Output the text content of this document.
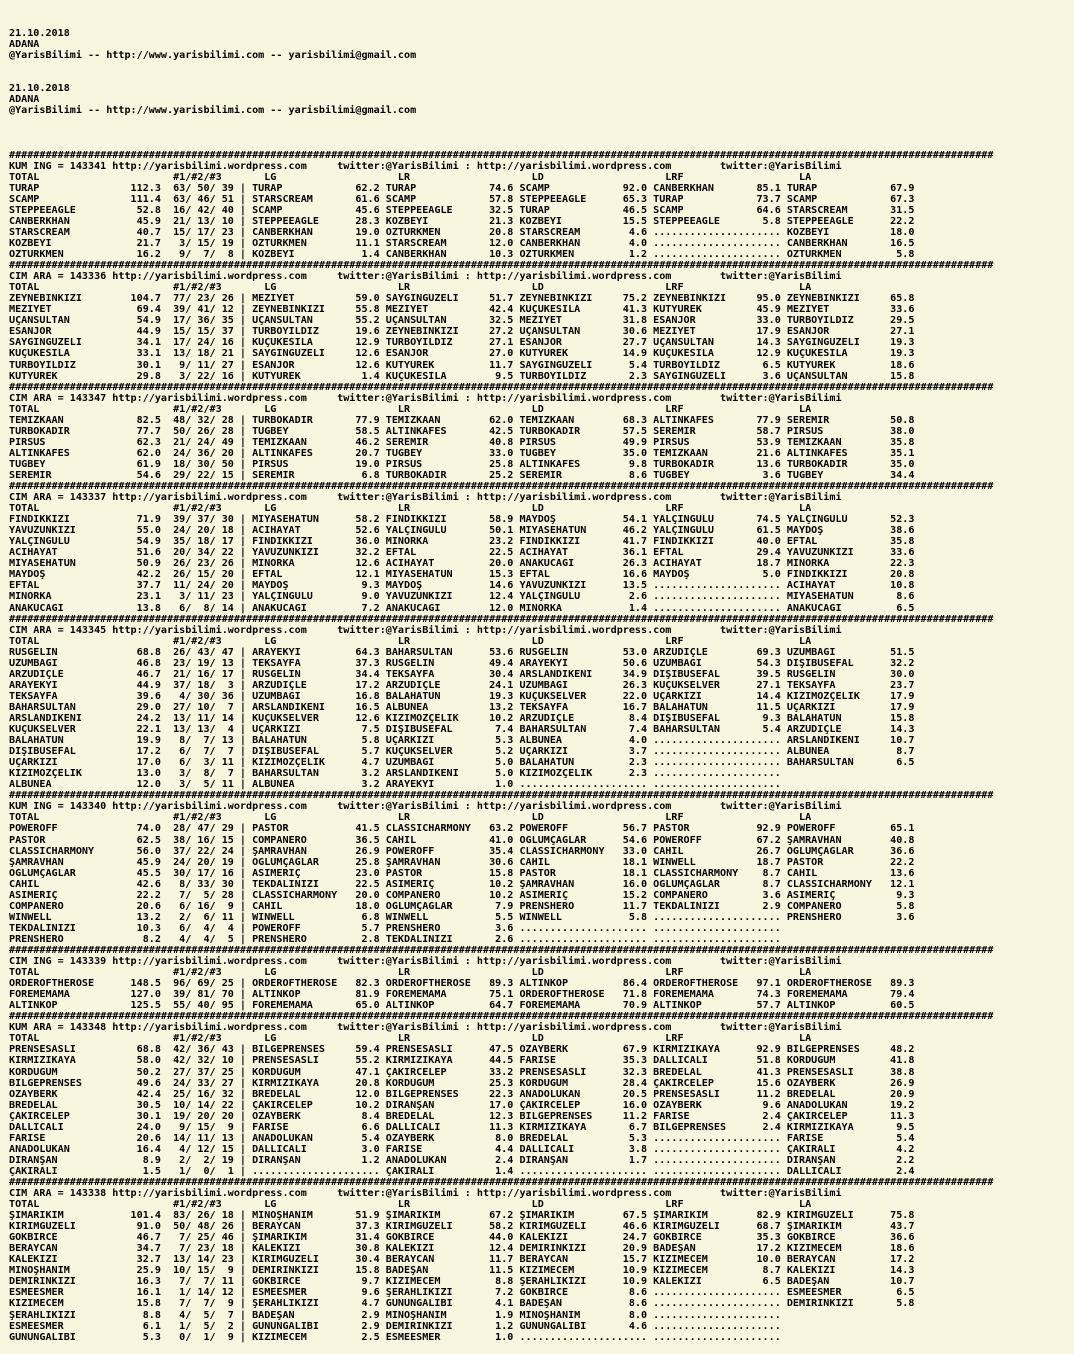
21.10.2018
ADANA
@YarisBilimi -- http://www.yarisbilimi.com -- yarisbilimi@gmail.com
21.10.2018
ADANA
@YarisBilimi -- http://www.yarisbilimi.com -- yarisbilimi@gmail.com

##################################################################################################################################################################
KUM ING = 143341 http://yarisbilimi.wordpress.com     twitter:@YarisBilimi : http://yarisbilimi.wordpress.com        twitter:@YarisBilimi
TOTAL                      #1/#2/#3       LG                    LR                    LD                    LRF                   LA
TURAP               112.3  63/ 50/ 39 | TURAP            62.2 TURAP            74.6 SCAMP            92.0 CANBERKHAN       85.1 TURAP            67.9
SCAMP               111.4  63/ 46/ 51 | STARSCREAM       61.6 SCAMP            57.8 STEPPEEAGLE      65.3 TURAP            73.7 SCAMP            67.3
STEPPEEAGLE          52.8  16/ 42/ 40 | SCAMP            45.6 STEPPEEAGLE      32.5 TURAP            46.5 SCAMP            64.6 STARSCREAM       31.5
CANBERKHAN           45.9  21/ 13/ 10 | STEPPEEAGLE      28.3 KOZBEYİ          21.3 KOZBEYİ          15.5 STEPPEEAGLE       5.8 STEPPEEAGLE      22.2
STARSCREAM           40.7  15/ 17/ 23 | CANBERKHAN       19.0 ÖZTÜRKMEN        20.8 STARSCREAM        4.6 ..................... KOZBEYİ          18.0
KOZBEYİ              21.7   3/ 15/ 19 | ÖZTÜRKMEN        11.1 STARSCREAM       12.0 CANBERKHAN        4.0 ..................... CANBERKHAN       16.5
ÖZTÜRKMEN            16.2   9/  7/  8 | KOZBEYİ           1.4 CANBERKHAN       10.3 ÖZTÜRKMEN         1.2 ..................... ÖZTÜRKMEN         5.8
##################################################################################################################################################################
CIM ARA = 143336 http://yarisbilimi.wordpress.com     twitter:@YarisBilimi : http://yarisbilimi.wordpress.com        twitter:@YarisBilimi
TOTAL                      #1/#2/#3       LG                    LR                    LD                    LRF                   LA
ZEYNEBİNKIZI        104.7  77/ 23/ 26 | MEZİYET          59.0 SAYGINGÜZELİ     51.7 ZEYNEBİNKIZI     75.2 ZEYNEBİNKIZI     95.0 ZEYNEBİNKIZI     65.8
MEZİYET              69.4  39/ 41/ 12 | ZEYNEBİNKIZI     55.8 MEZİYET          42.4 KÜÇÜKESİLA       41.3 KUTYÜREK         45.9 MEZİYET          33.6
UÇANSULTAN           54.9  17/ 36/ 35 | UÇANSULTAN       55.2 UÇANSULTAN       32.5 MEZİYET          31.8 ESANJOR          33.0 TURBOYILDIZ      29.5
ESANJOR              44.9  15/ 15/ 37 | TURBOYILDIZ      19.6 ZEYNEBİNKIZI     27.2 UÇANSULTAN       30.6 MEZİYET          17.9 ESANJOR          27.1
SAYGINGÜZELİ         34.1  17/ 24/ 16 | KÜÇÜKESİLA       12.9 TURBOYILDIZ      27.1 ESANJOR          27.7 UÇANSULTAN       14.3 SAYGINGÜZELİ     19.3
KÜÇÜKESİLA           33.1  13/ 18/ 21 | SAYGINGÜZELİ     12.6 ESANJOR          27.0 KUTYÜREK         14.9 KÜÇÜKESİLA       12.9 KÜÇÜKESİLA       19.3
TURBOYILDIZ          30.1   9/ 11/ 27 | ESANJOR          12.6 KUTYÜREK         11.7 SAYGINGÜZELİ      5.4 TURBOYILDIZ       6.5 KUTYÜREK         18.6
KUTYÜREK             29.8   3/ 22/ 16 | KUTYÜREK          1.4 KÜÇÜKESİLA        9.5 TURBOYILDIZ       2.3 SAYGINGÜZELİ      3.6 UÇANSULTAN       15.8
##################################################################################################################################################################
CIM ARA = 143347 http://yarisbilimi.wordpress.com     twitter:@YarisBilimi : http://yarisbilimi.wordpress.com        twitter:@YarisBilimi
TOTAL                      #1/#2/#3       LG                    LR                    LD                    LRF                   LA
TEMİZKAAN            82.5  48/ 32/ 28 | TURBOKADİR       77.9 TEMİZKAAN        62.0 TEMİZKAAN        68.3 ALTINKAFES       77.9 SEREMİR          50.8
TURBOKADİR           77.7  50/ 26/ 28 | TUĞBEY           58.5 ALTINKAFES       42.5 TURBOKADİR       57.5 SEREMİR          58.7 PİRSUS           38.0
PİRSUS               62.3  21/ 24/ 49 | TEMİZKAAN        46.2 SEREMİR          40.8 PİRSUS           49.9 PİRSUS           53.9 TEMİZKAAN        35.8
ALTINKAFES           62.0  24/ 36/ 20 | ALTINKAFES       20.7 TUĞBEY           33.0 TUĞBEY           35.0 TEMİZKAAN        21.6 ALTINKAFES       35.1
TUĞBEY               61.9  18/ 30/ 50 | PİRSUS           19.0 PİRSUS           25.8 ALTINKAFES        9.8 TURBOKADİR       13.6 TURBOKADİR       35.0
SEREMİR              54.6  29/ 22/ 15 | SEREMİR           6.8 TURBOKADİR       25.2 SEREMİR           8.6 TUĞBEY            3.6 TUĞBEY           34.4
##################################################################################################################################################################
CIM ARA = 143337 http://yarisbilimi.wordpress.com     twitter:@YarisBilimi : http://yarisbilimi.wordpress.com        twitter:@YarisBilimi
TOTAL                      #1/#2/#3       LG                    LR                    LD                    LRF                   LA
FINDIKKIZI           71.9  39/ 37/ 30 | MİYASEHATUN      58.2 FINDIKKIZI       58.9 MAYDOŞ           54.1 YALÇINGÜLÜ       74.5 YALÇINGÜLÜ       52.3
YAVUZÜNKIZI          55.0  24/ 20/ 18 | ACIHAYAT         52.6 YALÇINGÜLÜ       50.1 MİYASEHATUN      46.2 YALÇINGÜLÜ       61.5 MAYDOŞ           38.6
YALÇINGÜLÜ           54.9  35/ 18/ 17 | FINDIKKIZI       36.0 MİNORKA          23.2 FINDIKKIZI       41.7 FINDIKKIZI       40.0 EFTAL            35.8
ACIHAYAT             51.6  20/ 34/ 22 | YAVUZÜNKIZI      32.2 EFTAL            22.5 ACIHAYAT         36.1 EFTAL            29.4 YAVUZÜNKIZI      33.6
MİYASEHATUN          50.9  26/ 23/ 26 | MİNORKA          12.6 ACIHAYAT         20.0 ANAKUCAĞI        26.3 ACIHAYAT         18.7 MİNORKA          22.3
MAYDOŞ               42.2  26/ 15/ 20 | EFTAL            12.1 MİYASEHATUN      15.3 EFTAL            16.6 MAYDOŞ            5.0 FINDIKKIZI       20.8
EFTAL                37.7  11/ 24/ 20 | MAYDOŞ            9.3 MAYDOŞ           14.6 YAVUZÜNKIZI      13.5 ..................... ACIHAYAT         10.8
MİNORKA              23.1   3/ 11/ 23 | YALÇINGÜLÜ        9.0 YAVUZÜNKIZI      12.4 YALÇINGÜLÜ        2.6 ..................... MİYASEHATUN       8.6
ANAKUCAĞI            13.8   6/  8/ 14 | ANAKUCAĞI         7.2 ANAKUCAĞI        12.0 MİNORKA           1.4 ..................... ANAKUCAĞI         6.5
##################################################################################################################################################################
CIM ARA = 143345 http://yarisbilimi.wordpress.com     twitter:@YarisBilimi : http://yarisbilimi.wordpress.com        twitter:@YarisBilimi
TOTAL                      #1/#2/#3       LG                    LR                    LD                    LRF                   LA
RÜSGELİN             68.8  26/ 43/ 47 | ARAYEKYİ         64.3 BAHARSULTAN      53.6 RÜSGELİN         53.0 ARZUDİÇLE        69.3 ÜZÜMBAĞI         51.5
ÜZÜMBAĞI             46.8  23/ 19/ 13 | TEKSAYFA         37.3 RÜSGELİN         49.4 ARAYEKYİ         50.6 ÜZÜMBAĞI         54.3 DİŞİBUSEFAL      32.2
ARZUDİÇLE            46.7  21/ 16/ 17 | RÜSGELİN         34.4 TEKSAYFA         30.4 ARSLANDİKENİ     34.9 DİŞİBUSEFAL      39.5 RÜSGELİN         30.0
ARAYEKYİ             44.9  37/ 18/  3 | ARZUDİÇLE        17.2 ARZUDİÇLE        24.1 ÜZÜMBAĞI         26.3 KÜÇÜKSELVER      27.1 TEKSAYFA         23.7
TEKSAYFA             39.6   4/ 30/ 36 | ÜZÜMBAĞI         16.8 BALAHATUN        19.3 KÜÇÜKSELVER      22.0 UÇARKIZI         14.4 KIZIMOZÇELİK     17.9
BAHARSULTAN          29.0  27/ 10/  7 | ARSLANDİKENİ     16.5 ALBUNEA          13.2 TEKSAYFA         16.7 BALAHATUN        11.5 UÇARKIZI         17.9
ARSLANDİKENİ         24.2  13/ 11/ 14 | KÜÇÜKSELVER      12.6 KIZIMOZÇELİK     10.2 ARZUDİÇLE         8.4 DİŞİBUSEFAL       9.3 BALAHATUN        15.8
KÜÇÜKSELVER          22.1  13/ 13/  4 | UÇARKIZI          7.5 DİŞİBUSEFAL       7.4 BAHARSULTAN       7.4 BAHARSULTAN       5.4 ARZUDİÇLE        14.3
BALAHATUN            19.9   8/  7/ 13 | BALAHATUN         5.8 UÇARKIZI          5.3 ALBUNEA           4.0 ..................... ARSLANDİKENİ     10.7
DİŞİBUSEFAL          17.2   6/  7/  7 | DİŞİBUSEFAL       5.7 KÜÇÜKSELVER       5.2 UÇARKIZI          3.7 ..................... ALBUNEA           8.7
UÇARKIZI             17.0   6/  3/ 11 | KIZIMOZÇELİK      4.7 ÜZÜMBAĞI          5.0 BALAHATUN         2.3 ..................... BAHARSULTAN       6.5
KIZIMOZÇELİK         13.0   3/  8/  7 | BAHARSULTAN       3.2 ARSLANDİKENİ      5.0 KIZIMOZÇELİK      2.3 .....................
ALBUNEA              12.0   3/  5/ 11 | ALBUNEA           3.2 ARAYEKYİ          1.0 ..................... .....................
##################################################################################################################################################################
KUM ING = 143340 http://yarisbilimi.wordpress.com     twitter:@YarisBilimi : http://yarisbilimi.wordpress.com        twitter:@YarisBilimi
TOTAL                      #1/#2/#3       LG                    LR                    LD                    LRF                   LA
POWEROFF             74.0  28/ 47/ 29 | PASTOR           41.5 CLASSICHARMONY   63.2 POWEROFF         56.7 PASTOR           92.9 POWEROFF         65.1
PASTOR               62.5  38/ 16/ 15 | COMPANERO        36.5 CAHİL            41.0 OĞLUMÇAĞLAR      54.6 POWEROFF         67.2 ŞAMRAVHAN        40.8
CLASSICHARMONY       56.0  37/ 22/ 24 | ŞAMRAVHAN        26.9 POWEROFF         35.4 CLASSICHARMONY   33.0 CAHİL            26.7 OĞLUMÇAĞLAR      36.6
ŞAMRAVHAN            45.9  24/ 20/ 19 | OĞLUMÇAĞLAR      25.8 ŞAMRAVHAN        30.6 CAHİL            18.1 WINWELL          18.7 PASTOR           22.2
OĞLUMÇAĞLAR          45.5  30/ 17/ 16 | ASİMERİÇ         23.0 PASTOR           15.8 PASTOR           18.1 CLASSICHARMONY    8.7 CAHİL            13.6
CAHİL                42.6   8/ 33/ 30 | TEKDALINİZİ      22.5 ASİMERİÇ         10.2 ŞAMRAVHAN        16.0 OĞLUMÇAĞLAR       8.7 CLASSICHARMONY   12.1
ASİMERİÇ             22.2   7/  5/ 28 | CLASSICHARMONY   20.0 COMPANERO        10.2 ASİMERİÇ         15.2 COMPANERO         3.6 ASİMERİÇ          9.3
COMPANERO            20.6   6/ 16/  9 | CAHİL            18.0 OĞLUMÇAĞLAR       7.9 PRENSHERO        11.7 TEKDALINİZİ       2.9 COMPANERO         5.8
WINWELL              13.2   2/  6/ 11 | WINWELL           6.8 WINWELL           5.5 WINWELL           5.8 ..................... PRENSHERO         3.6
TEKDALINİZİ          10.3   6/  4/  4 | POWEROFF          5.7 PRENSHERO         3.6 ..................... .....................
PRENSHERO             8.2   4/  4/  5 | PRENSHERO         2.8 TEKDALINİZİ       2.6 ..................... .....................
##################################################################################################################################################################
CIM ING = 143339 http://yarisbilimi.wordpress.com     twitter:@YarisBilimi : http://yarisbilimi.wordpress.com        twitter:@YarisBilimi
TOTAL                      #1/#2/#3       LG                    LR                    LD                    LRF                   LA
ORDEROFTHEROSE      148.5  96/ 69/ 25 | ORDEROFTHEROSE   82.3 ORDEROFTHEROSE   89.3 ALTINKOP         86.4 ORDEROFTHEROSE   97.1 ORDEROFTHEROSE   89.3
FOREMEMAMA          127.0  39/ 81/ 70 | ALTINKOP         81.9 FOREMEMAMA       75.1 ORDEROFTHEROSE   71.8 FOREMEMAMA       74.3 FOREMEMAMA       79.4
ALTINKOP            125.5  55/ 40/ 95 | FOREMEMAMA       65.0 ALTINKOP         64.7 FOREMEMAMA       70.9 ALTINKOP         57.7 ALTINKOP         60.5
##################################################################################################################################################################
KUM ARA = 143348 http://yarisbilimi.wordpress.com     twitter:@YarisBilimi : http://yarisbilimi.wordpress.com        twitter:@YarisBilimi
TOTAL                      #1/#2/#3       LG                    LR                    LD                    LRF                   LA
PRENSESASLI          68.8  42/ 36/ 43 | BİLGEPRENSES     59.4 PRENSESASLI      47.5 ÖZAYBERK         67.9 KIRMIZIKAYA      92.9 BİLGEPRENSES     48.2
KIRMIZIKAYA          58.0  42/ 32/ 10 | PRENSESASLI      55.2 KIRMIZIKAYA      44.5 FARİSE           35.3 DALLICALI        51.8 KORDÜGÜM         41.8
KORDÜGÜM             50.2  27/ 37/ 25 | KORDÜGÜM         47.1 ÇAKIRCELEP       33.2 PRENSESASLI      32.3 BREDELAL         41.3 PRENSESASLI      38.8
BİLGEPRENSES         49.6  24/ 33/ 27 | KIRMIZIKAYA      20.8 KORDÜGÜM         25.3 KORDÜGÜM         28.4 ÇAKIRCELEP       15.6 ÖZAYBERK         26.9
ÖZAYBERK             42.4  25/ 16/ 32 | BREDELAL         12.0 BİLGEPRENSES     22.3 ANADOLUKAN       20.5 PRENSESASLI      11.2 BREDELAL         20.9
BREDELAL             30.5  10/ 14/ 22 | ÇAKIRCELEP       10.2 DİRANŞAN         17.0 ÇAKIRCELEP       16.0 ÖZAYBERK          9.6 ANADOLUKAN       19.2
ÇAKIRCELEP           30.1  19/ 20/ 20 | ÖZAYBERK          8.4 BREDELAL         12.3 BİLGEPRENSES     11.2 FARİSE            2.4 ÇAKIRCELEP       11.3
DALLICALI            24.0   9/ 15/  9 | FARİSE            6.6 DALLICALI        11.3 KIRMIZIKAYA       6.7 BİLGEPRENSES      2.4 KIRMIZIKAYA       9.5
FARİSE               20.6  14/ 11/ 13 | ANADOLUKAN        5.4 ÖZAYBERK          8.0 BREDELAL          5.3 ..................... FARİSE            5.4
ANADOLUKAN           16.4   4/ 12/ 15 | DALLICALI         3.0 FARİSE            4.4 DALLICALI         3.8 ..................... ÇAKIRALİ          4.2
DİRANŞAN              8.9   2/  2/ 19 | DİRANŞAN          1.2 ANADOLUKAN        2.4 DİRANŞAN          1.7 ..................... DİRANŞAN          2.2
ÇAKIRALİ              1.5   1/  0/  1 | ..................... ÇAKIRALİ          1.4 ..................... ..................... DALLICALI         2.4
##################################################################################################################################################################
CIM ARA = 143338 http://yarisbilimi.wordpress.com     twitter:@YarisBilimi : http://yarisbilimi.wordpress.com        twitter:@YarisBilimi
TOTAL                      #1/#2/#3       LG                    LR                    LD                    LRF                   LA
ŞIMARIKIM           101.4  83/ 26/ 18 | MİNOŞHANIM       51.9 ŞIMARIKIM        67.2 ŞIMARIKIM        67.5 ŞIMARIKIM        82.9 KIRIMGÜZELİ      75.8
KIRIMGÜZELİ          91.0  50/ 48/ 26 | BERAYCAN         37.3 KIRIMGÜZELİ      58.2 KIRIMGÜZELİ      46.6 KIRIMGÜZELİ      68.7 ŞIMARIKIM        43.7
GÖKBİRCE             46.7   7/ 25/ 46 | ŞIMARIKIM        31.4 GÖKBİRCE         44.0 KALEKIZI         24.7 GÖKBİRCE         35.3 GÖKBİRCE         36.6
BERAYCAN             34.7   7/ 23/ 18 | KALEKIZI         30.8 KALEKIZI         12.4 DEMİRİNKIZI      20.9 BADEŞAN          17.2 KIZIMECEM        18.6
KALEKIZI             32.7  13/ 14/ 23 | KIRIMGÜZELİ      30.4 BERAYCAN         11.7 BERAYCAN         15.7 KIZIMECEM        10.0 BERAYCAN         17.2
MİNOŞHANIM           25.9  10/ 15/  9 | DEMİRİNKIZI      15.8 BADEŞAN          11.5 KIZIMECEM        10.9 KIZIMECEM         8.7 KALEKIZI         14.3
DEMİRİNKIZI          16.3   7/  7/ 11 | GÖKBİRCE          9.7 KIZIMECEM         8.8 ŞERAHLIKIZI      10.9 KALEKIZI          6.5 BADEŞAN          10.7
ESMEESMER            16.1   1/ 14/ 12 | ESMEESMER         9.6 ŞERAHLIKIZI       7.2 GÖKBİRCE          8.6 ..................... ESMEESMER         6.5
KIZIMECEM            15.8   7/  7/  9 | ŞERAHLIKIZI       4.7 GÜNÜNGALİBİ       4.1 BADEŞAN           8.6 ..................... DEMİRİNKIZI       5.8
ŞERAHLIKIZI           8.8   4/  5/  7 | BADEŞAN           2.9 MİNOŞHANIM        1.9 MİNOŞHANIM        8.0 .....................
ESMEESMER             6.1   1/  5/  2 | GÜNÜNGALİBİ       2.9 DEMİRİNKIZI       1.2 GÜNÜNGALİBİ       4.6 .....................
GÜNÜNGALİBİ           5.3   0/  1/  9 | KIZIMECEM         2.5 ESMEESMER         1.0 ..................... .....................
